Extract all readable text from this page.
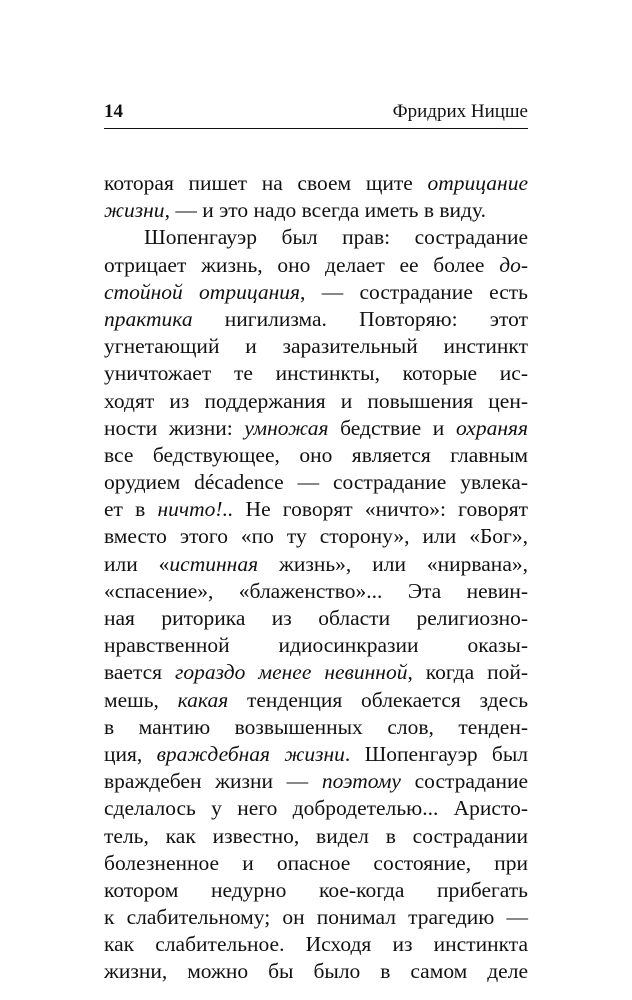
14	Фридрих Ницше
которая пишет на своем щите отрицание
жизни, — и это надо всегда иметь в виду.
Шопенгауэр был прав: сострадание
отрицает жизнь, оно делает ее более до-
стойной отрицания, — сострадание есть
практика нигилизма. Повторяю: этот
угнетающий и заразительный инстинкт
уничтожает те инстинкты, которые ис-
ходят из поддержания и повышения цен-
ности жизни: умножая бедствие и охраняя
все бедствующее, оно является главным
орудием décadence — сострадание увлека-
ет в ничто!.. Не говорят «ничто»: говорят
вместо этого «по ту сторону», или «Бог»,
или «истинная жизнь», или «нирвана»,
«спасение», «блаженство»... Эта невин-
ная риторика из области религиозно-
нравственной идиосинкразии оказы-
вается гораздо менее невинной, когда пой-
мешь, какая тенденция облекается здесь
в мантию возвышенных слов, тенден-
ция, враждебная жизни. Шопенгауэр был
враждебен жизни — поэтому сострадание
сделалось у него добродетелью... Аристо-
тель, как известно, видел в сострадании
болезненное и опасное состояние, при
котором недурно кое-когда прибегать
к слабительному; он понимал трагедию —
как слабительное. Исходя из инстинкта
жизни, можно бы было в самом деле
